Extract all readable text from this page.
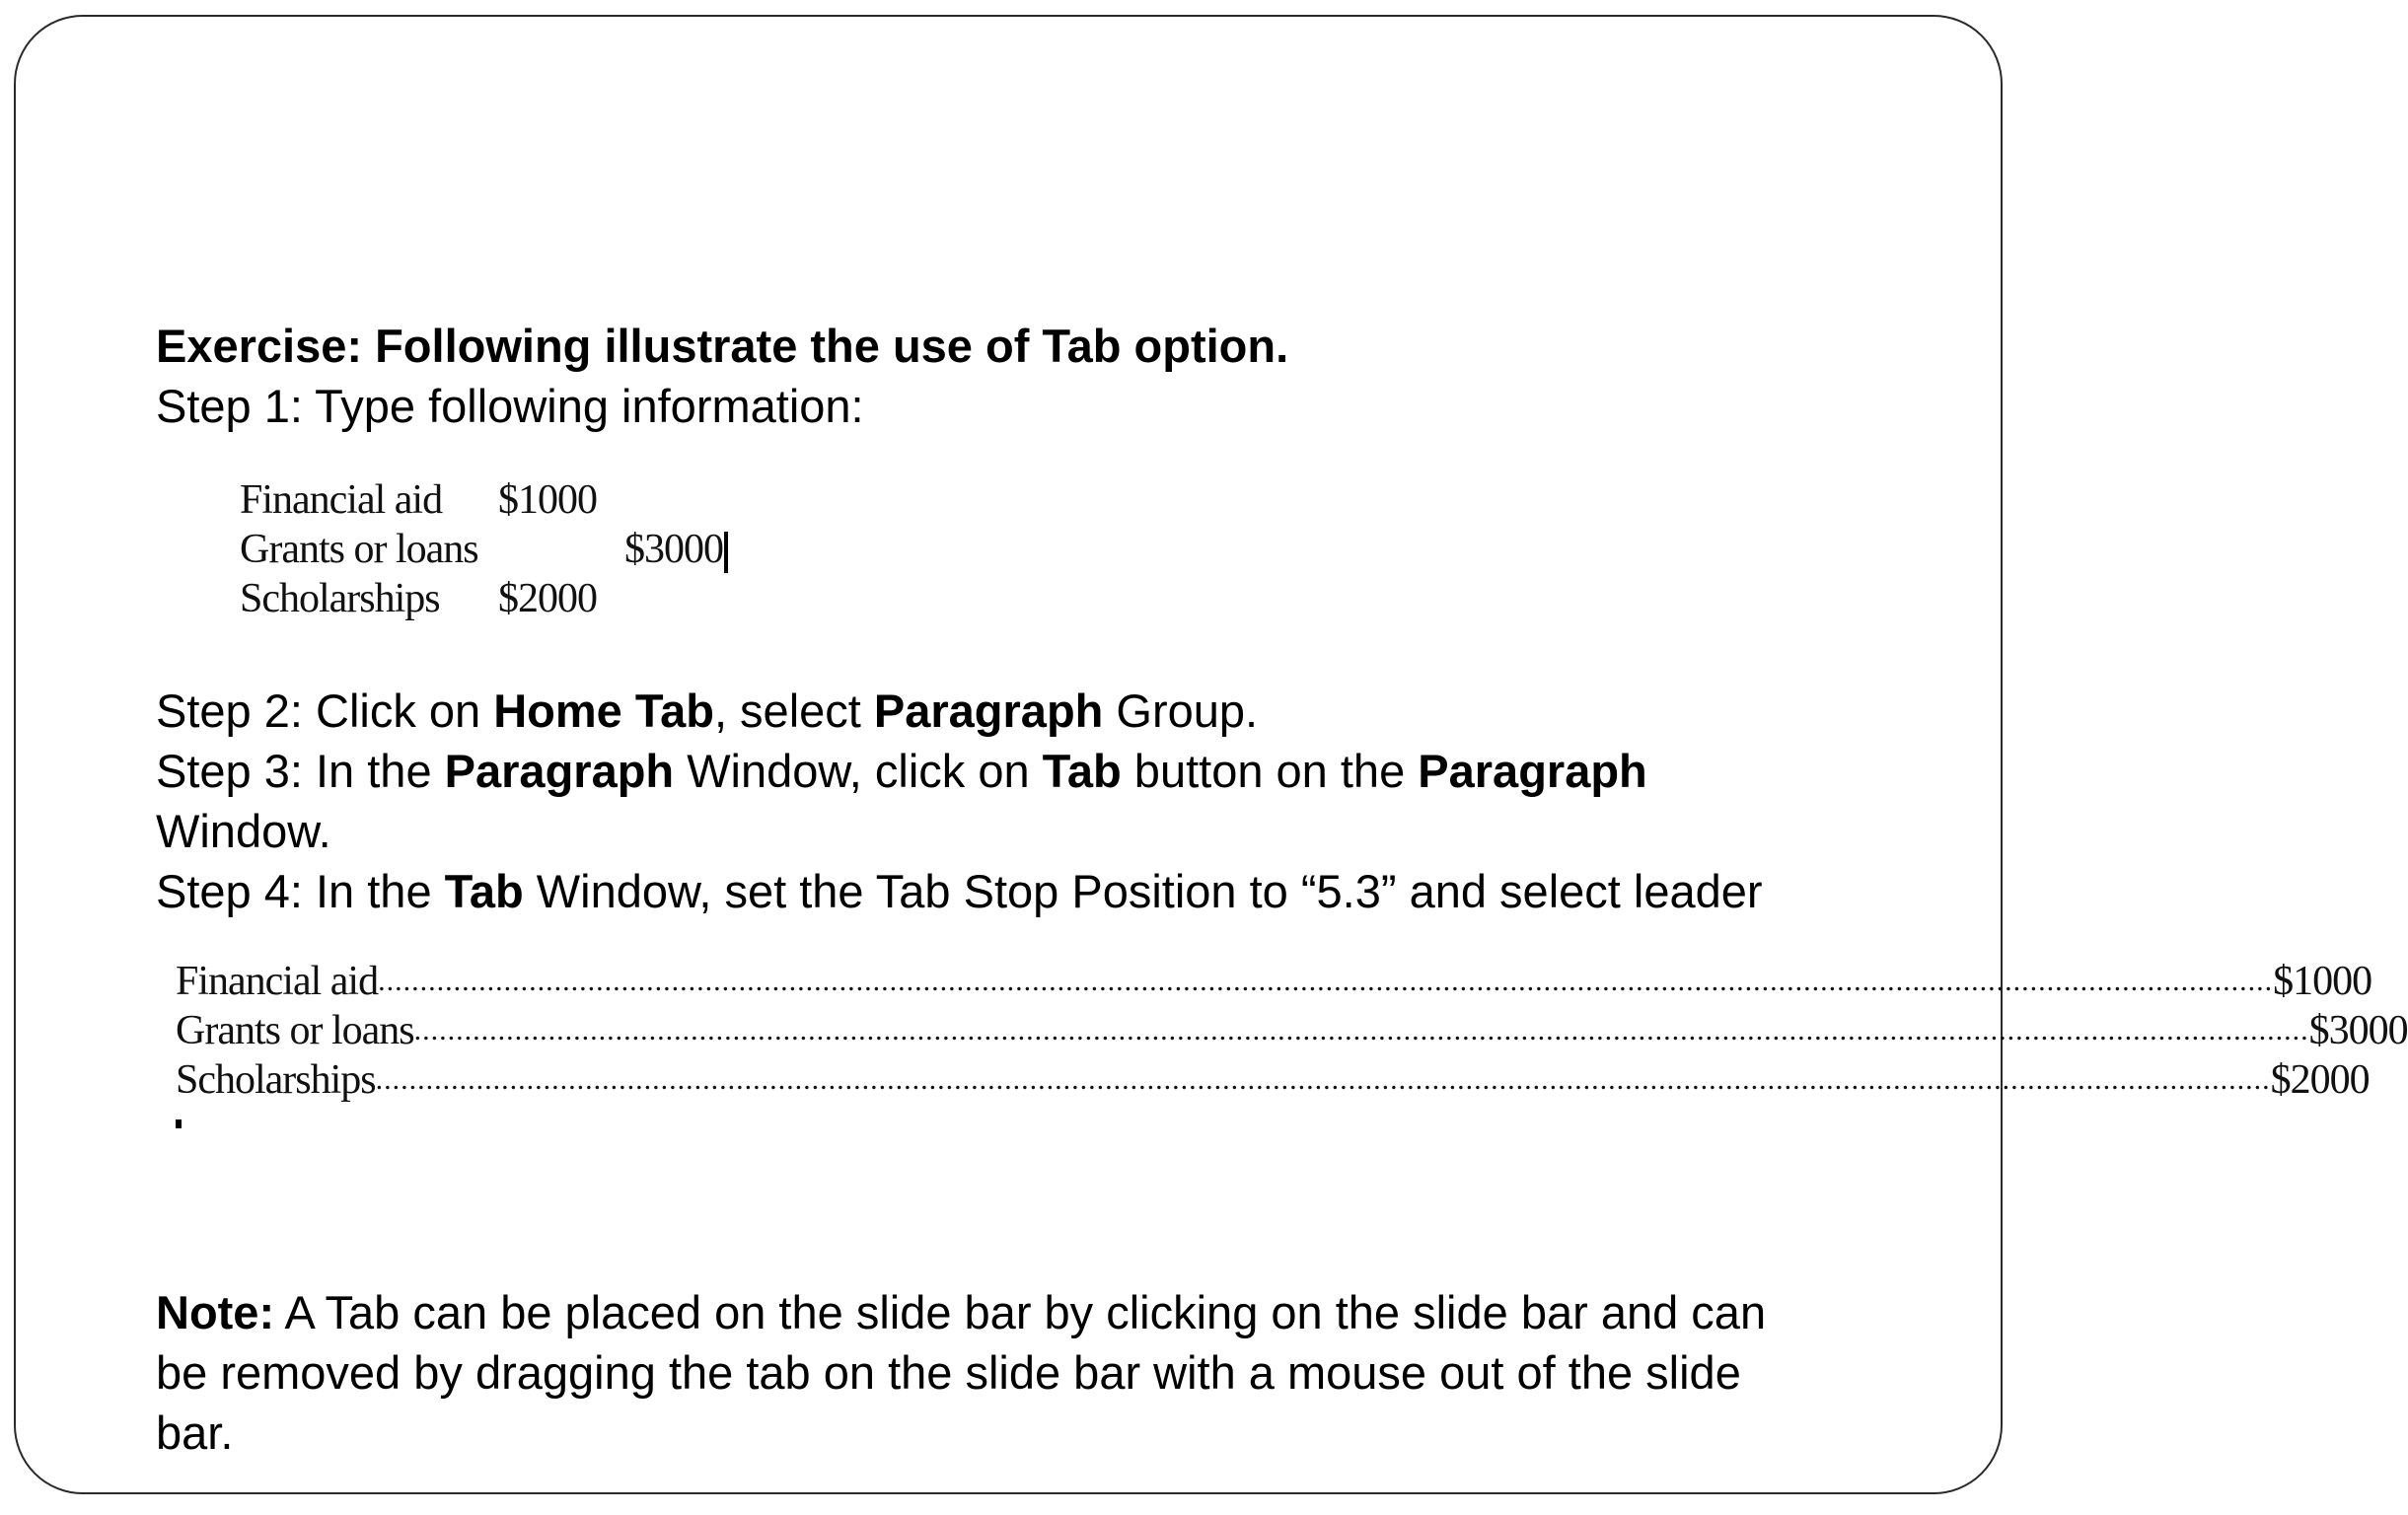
Exercise: Following illustrate the use of Tab option.
Step 1: Type following information:
Financial aid $1000
Grants or loans	$3000
Scholarships $2000
Step 2: Click on Home Tab, select Paragraph Group.
Step 3: In the Paragraph Window, click on Tab button on the Paragraph
Window.
Step 4: In the Tab Window, set the Tab Stop Position to “5.3” and select leader
Financial aid .................................................................................................................................................................................................................................. $1000
Grants or loans .................................................................................................................................................................................................................................. $3000
Scholarships .................................................................................................................................................................................................................................. $2000
Note: A Tab can be placed on the slide bar by clicking on the slide bar and can
be removed by dragging the tab on the slide bar with a mouse out of the slide
bar.
